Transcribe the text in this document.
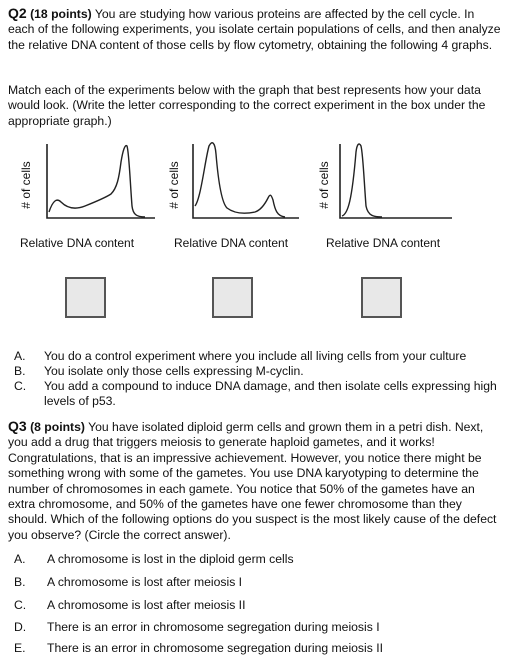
Q2 (18 points) You are studying how various proteins are affected by the cell cycle. In each of the following experiments, you isolate certain populations of cells, and then analyze the relative DNA content of those cells by flow cytometry, obtaining the following 4 graphs.
Match each of the experiments below with the graph that best represents how your data would look. (Write the letter corresponding to the correct experiment in the box under the appropriate graph.)
# of cells
Relative DNA content
# of cells
Relative DNA content
# of cells
Relative DNA content
A. You do a control experiment where you include all living cells from your culture
B. You isolate only those cells expressing M-cyclin.
C. You add a compound to induce DNA damage, and then isolate cells expressing high levels of p53.
Q3 (8 points) You have isolated diploid germ cells and grown them in a petri dish. Next, you add a drug that triggers meiosis to generate haploid gametes, and it works! Congratulations, that is an impressive achievement. However, you notice there might be something wrong with some of the gametes. You use DNA karyotyping to determine the number of chromosomes in each gamete. You notice that 50% of the gametes have an extra chromosome, and 50% of the gametes have one fewer chromosome than they should. Which of the following options do you suspect is the most likely cause of the defect you observe? (Circle the correct answer).
A. A chromosome is lost in the diploid germ cells
B. A chromosome is lost after meiosis I
C. A chromosome is lost after meiosis II
D. There is an error in chromosome segregation during meiosis I
E. There is an error in chromosome segregation during meiosis II
